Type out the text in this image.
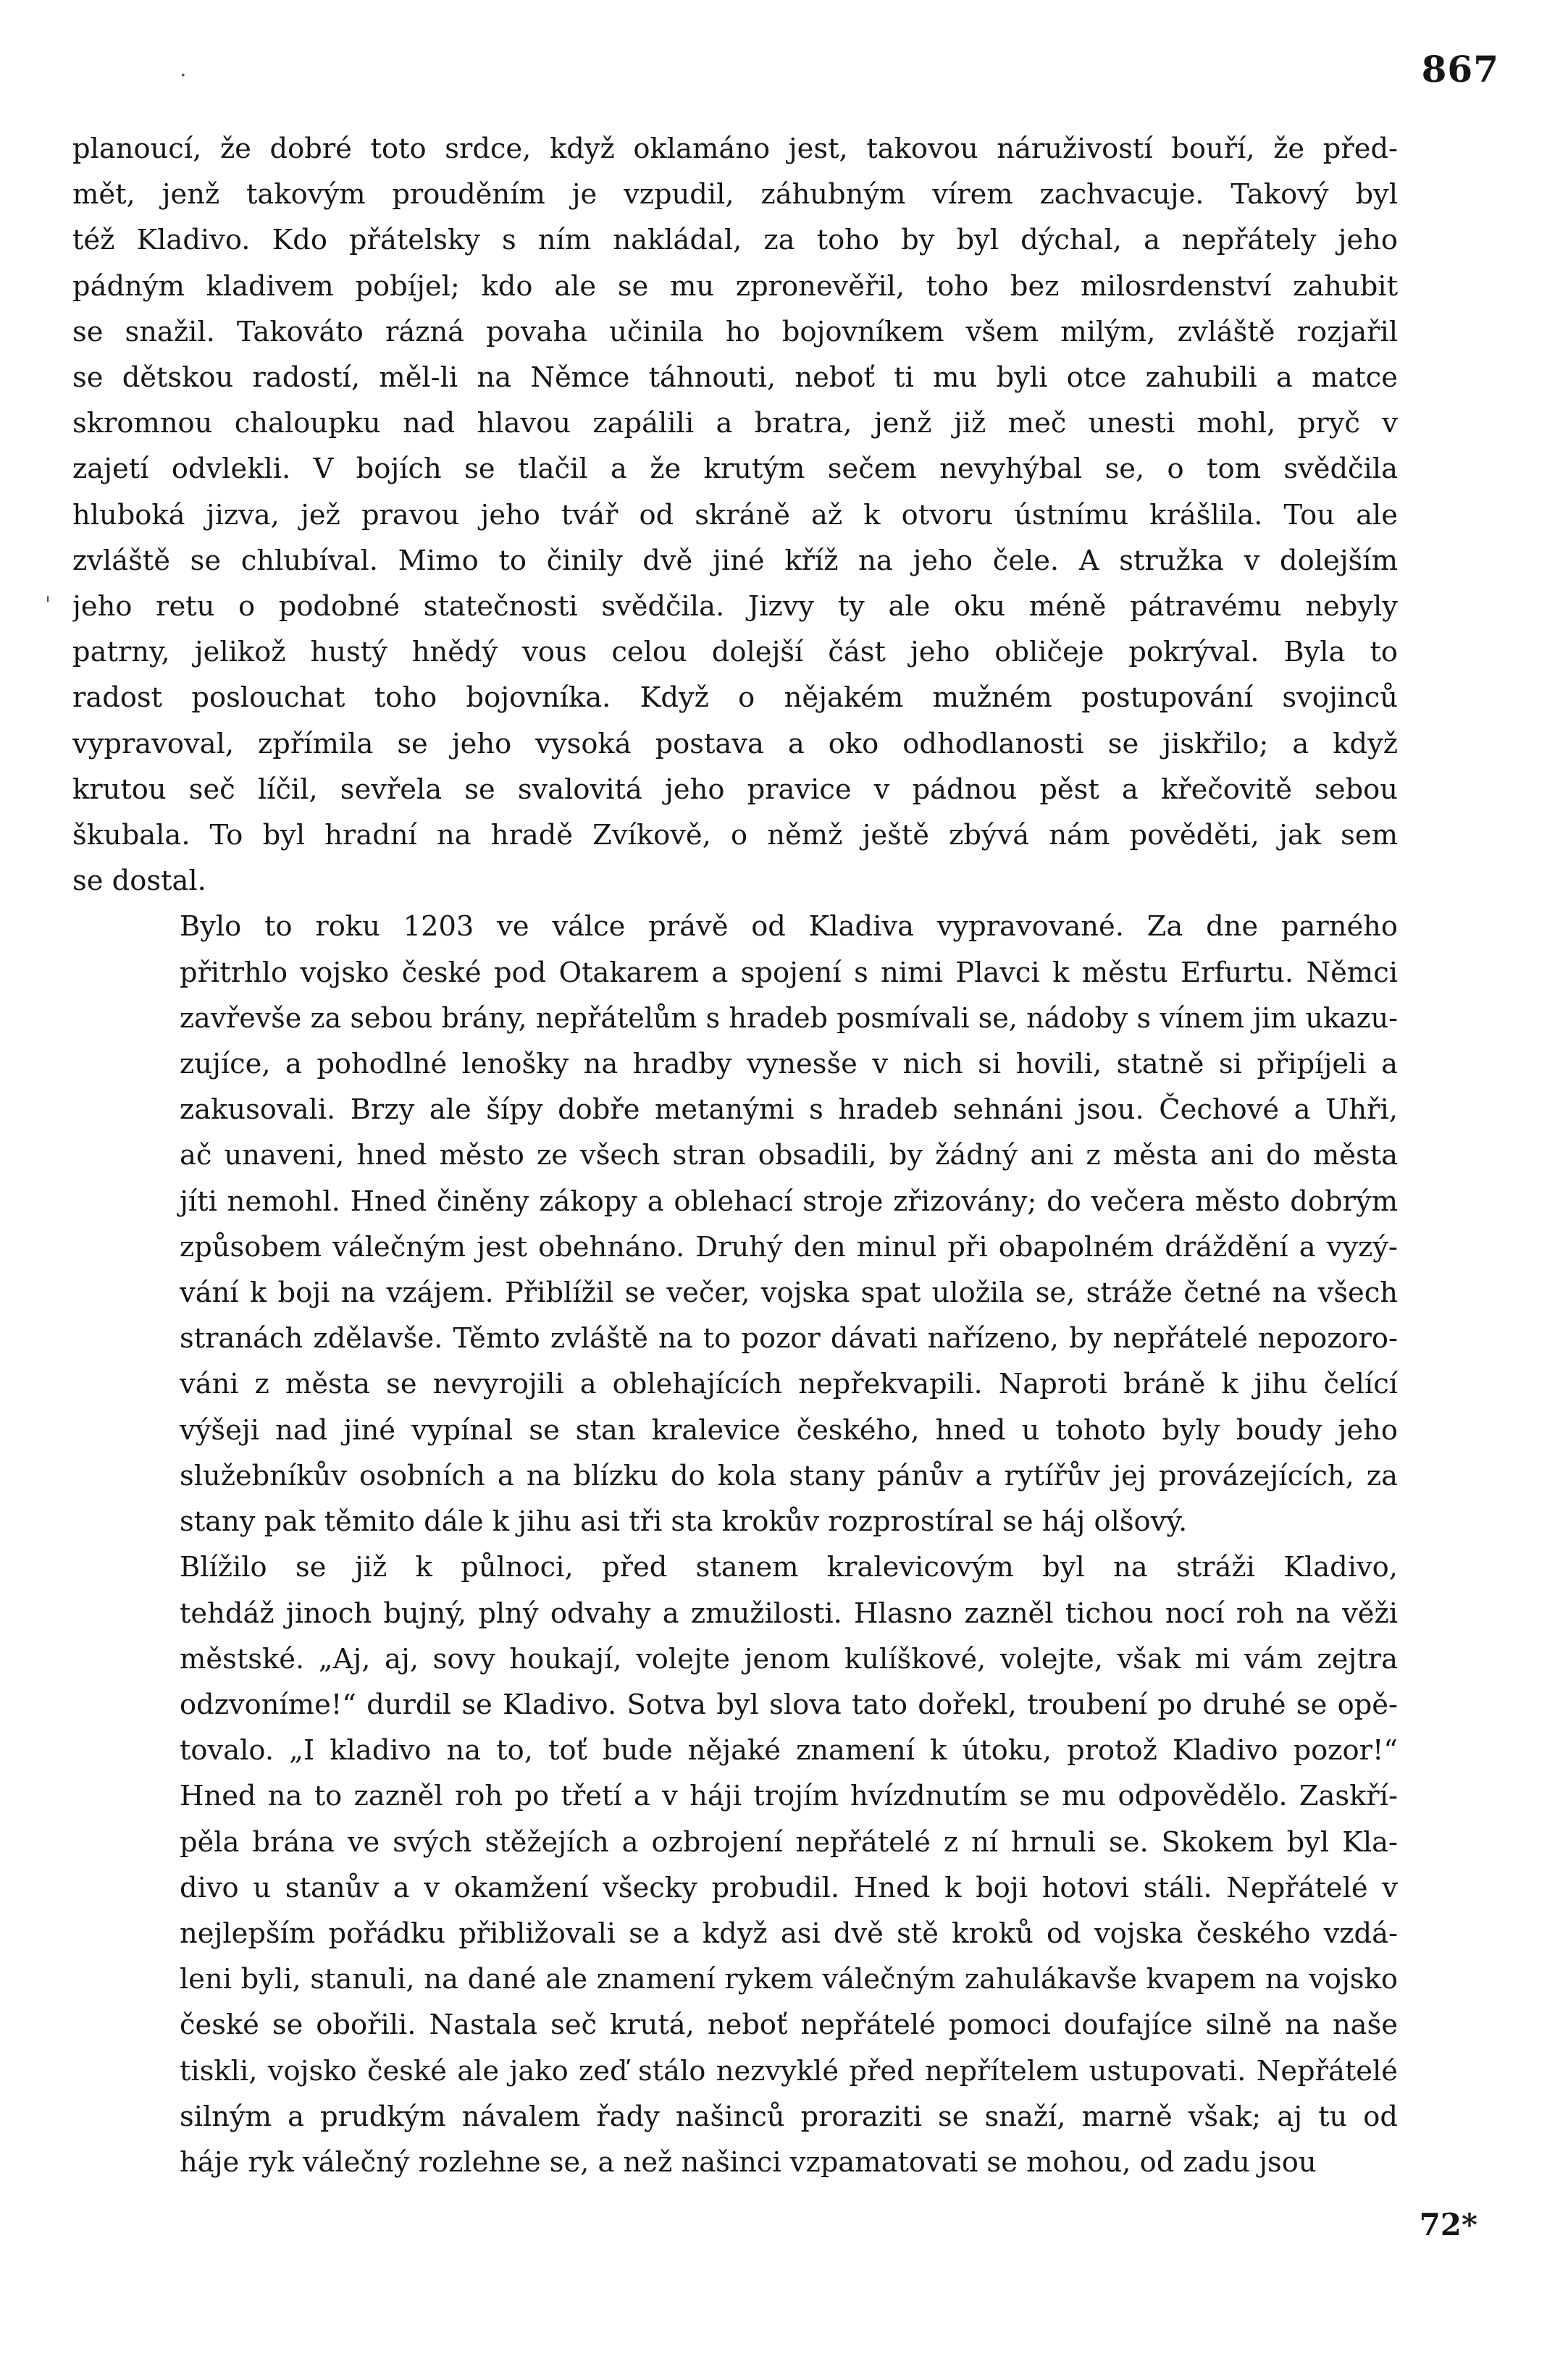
.
'
867
planoucí, že dobré toto srdce, když oklamáno jest, takovou náruživostí bouří, že před-
mět, jenž takovým prouděním je vzpudil, záhubným vírem zachvacuje. Takový byl
též Kladivo. Kdo přátelsky s ním nakládal, za toho by byl dýchal, a nepřátely jeho
pádným kladivem pobíjel; kdo ale se mu zpronevěřil, toho bez milosrdenství zahubit
se snažil. Takováto rázná povaha učinila ho bojovníkem všem milým, zvláště rozjařil
se dětskou radostí, měl-li na Němce táhnouti, neboť ti mu byli otce zahubili a matce
skromnou chaloupku nad hlavou zapálili a bratra, jenž již meč unesti mohl, pryč v
zajetí odvlekli. V bojích se tlačil a že krutým sečem nevyhýbal se, o tom svědčila
hluboká jizva, jež pravou jeho tvář od skráně až k otvoru ústnímu krášlila. Tou ale
zvláště se chlubíval. Mimo to činily dvě jiné kříž na jeho čele. A stružka v dolejším
jeho retu o podobné statečnosti svědčila. Jizvy ty ale oku méně pátravému nebyly
patrny, jelikož hustý hnědý vous celou dolejší část jeho obličeje pokrýval. Byla to
radost poslouchat toho bojovníka. Když o nějakém mužném postupování svojinců
vypravoval, zpřímila se jeho vysoká postava a oko odhodlanosti se jiskřilo; a když
krutou seč líčil, sevřela se svalovitá jeho pravice v pádnou pěst a křečovitě sebou
škubala. To byl hradní na hradě Zvíkově, o němž ještě zbývá nám pověděti, jak sem
se dostal.
Bylo to roku 1203 ve válce právě od Kladiva vypravované. Za dne parného
přitrhlo vojsko české pod Otakarem a spojení s nimi Plavci k městu Erfurtu. Němci
zavřevše za sebou brány, nepřátelům s hradeb posmívali se, nádoby s vínem jim ukazu-
zujíce, a pohodlné lenošky na hradby vynesše v nich si hovili, statně si připíjeli a
zakusovali. Brzy ale šípy dobře metanými s hradeb sehnáni jsou. Čechové a Uhři,
ač unaveni, hned město ze všech stran obsadili, by žádný ani z města ani do města
jíti nemohl. Hned činěny zákopy a oblehací stroje zřizovány; do večera město dobrým
způsobem válečným jest obehnáno. Druhý den minul při obapolném dráždění a vyzý-
vání k boji na vzájem. Přiblížil se večer, vojska spat uložila se, stráže četné na všech
stranách zdělavše. Těmto zvláště na to pozor dávati nařízeno, by nepřátelé nepozoro-
váni z města se nevyrojili a oblehajících nepřekvapili. Naproti bráně k jihu čelící
výšeji nad jiné vypínal se stan kralevice českého, hned u tohoto byly boudy jeho
služebníkův osobních a na blízku do kola stany pánův a rytířův jej provázejících, za
stany pak těmito dále k jihu asi tři sta krokův rozprostíral se háj olšový.
Blížilo se již k půlnoci, před stanem kralevicovým byl na stráži Kladivo,
tehdáž jinoch bujný, plný odvahy a zmužilosti. Hlasno zazněl tichou nocí roh na věži
městské. „Aj, aj, sovy houkají, volejte jenom kulíškové, volejte, však mi vám zejtra
odzvoníme!“ durdil se Kladivo. Sotva byl slova tato dořekl, troubení po druhé se opě-
tovalo. „I kladivo na to, toť bude nějaké znamení k útoku, protož Kladivo pozor!“
Hned na to zazněl roh po třetí a v háji trojím hvízdnutím se mu odpovědělo. Zaskří-
pěla brána ve svých stěžejích a ozbrojení nepřátelé z ní hrnuli se. Skokem byl Kla-
divo u stanův a v okamžení všecky probudil. Hned k boji hotovi stáli. Nepřátelé v
nejlepším pořádku přibližovali se a když asi dvě stě kroků od vojska českého vzdá-
leni byli, stanuli, na dané ale znamení rykem válečným zahulákavše kvapem na vojsko
české se obořili. Nastala seč krutá, neboť nepřátelé pomoci doufajíce silně na naše
tiskli, vojsko české ale jako zeď stálo nezvyklé před nepřítelem ustupovati. Nepřátelé
silným a prudkým návalem řady našinců proraziti se snaží, marně však; aj tu od
háje ryk válečný rozlehne se, a než našinci vzpamatovati se mohou, od zadu jsou
72*
